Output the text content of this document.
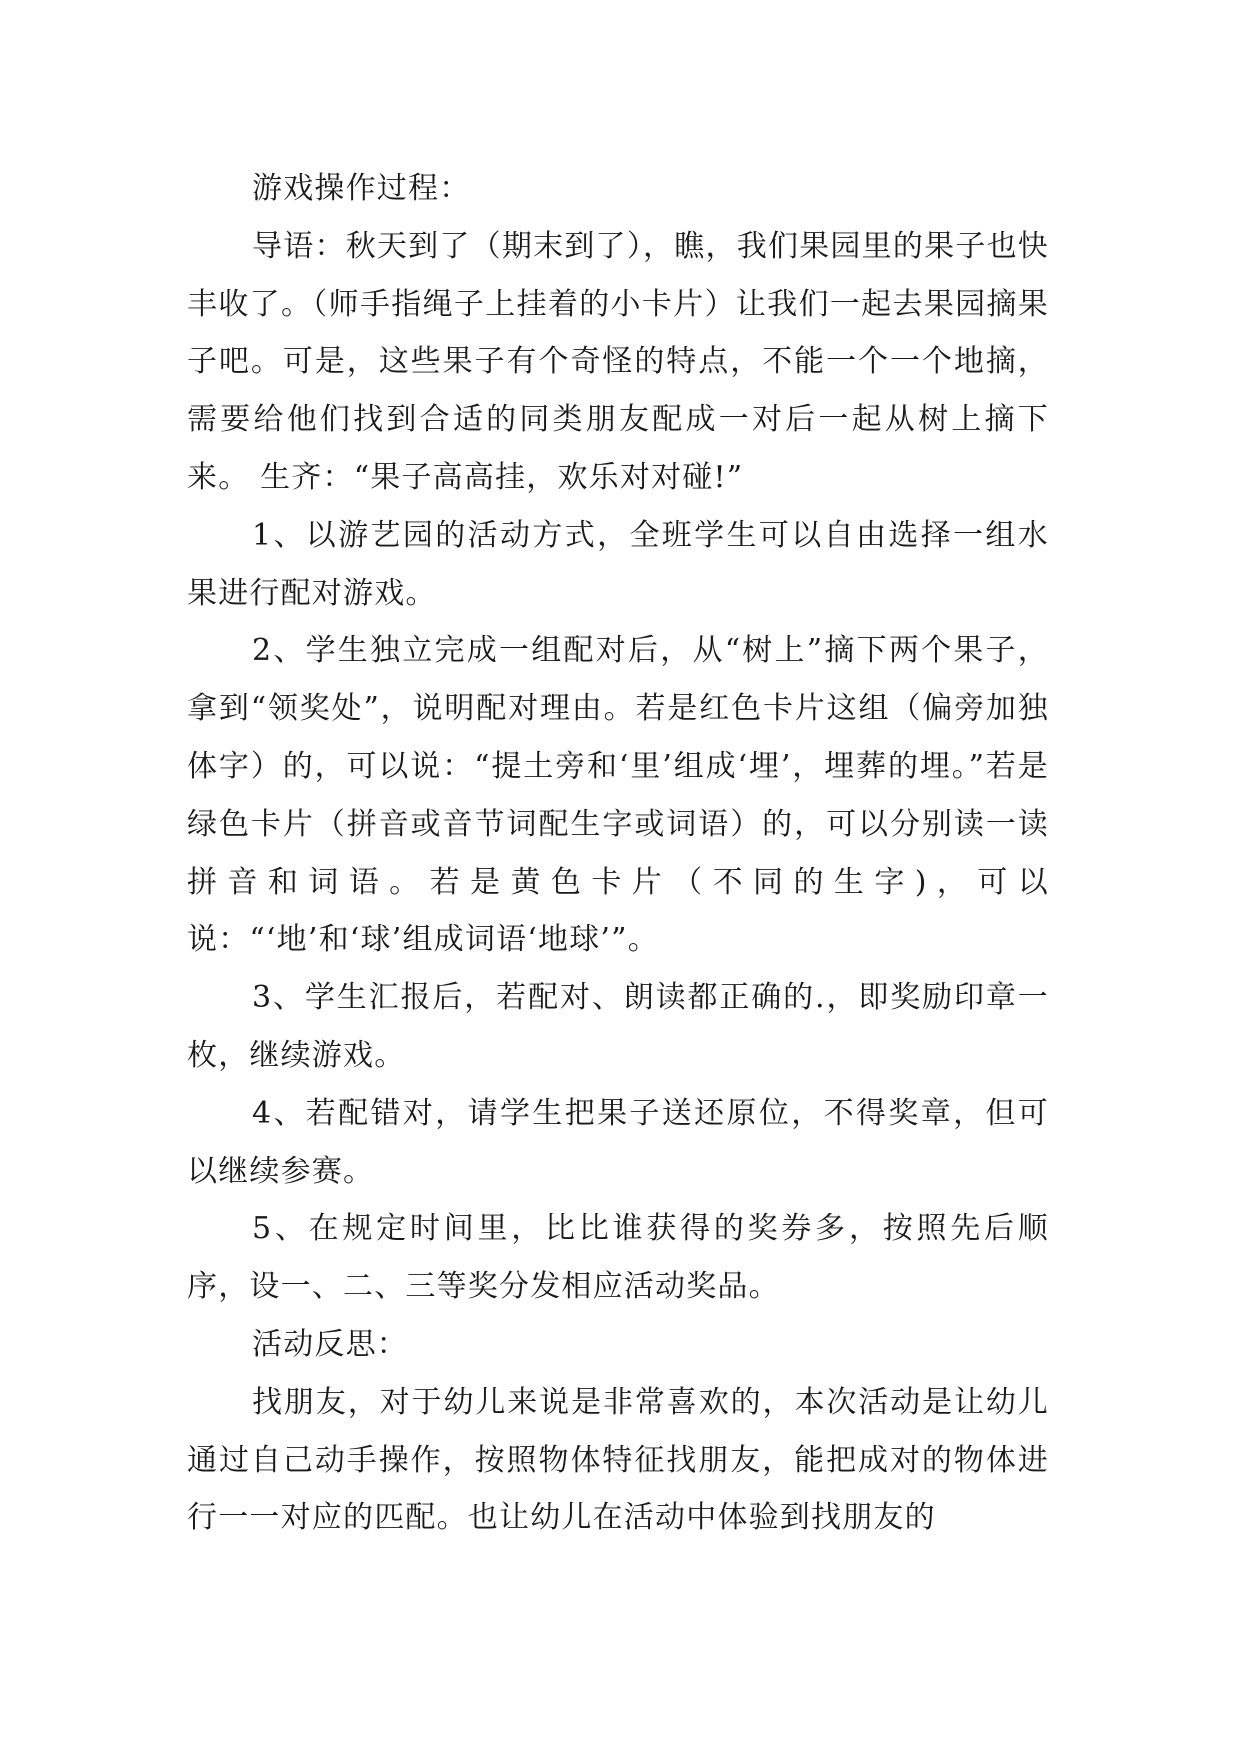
游戏操作过程：

导语：秋天到了（期末到了），瞧，我们果园里的果子也快丰收了。（师手指绳子上挂着的小卡片）让我们一起去果园摘果子吧。可是，这些果子有个奇怪的特点，不能一个一个地摘，需要给他们找到合适的同类朋友配成一对后一起从树上摘下来。 生齐：“果子高高挂，欢乐对对碰!”

1、以游艺园的活动方式，全班学生可以自由选择一组水果进行配对游戏。

2、学生独立完成一组配对后，从“树上”摘下两个果子，拿到“领奖处”，说明配对理由。若是红色卡片这组（偏旁加独体字）的，可以说：“提土旁和‘里’组成‘埋’，埋葬的埋。”若是绿色卡片（拼音或音节词配生字或词语）的，可以分别读一读拼音和词语。若是黄色卡片（不同的生字)，可以说：“‘地’和‘球’组成词语‘地球’”。

3、学生汇报后，若配对、朗读都正确的.，即奖励印章一枚，继续游戏。

4、若配错对，请学生把果子送还原位，不得奖章，但可以继续参赛。

5、在规定时间里，比比谁获得的奖券多，按照先后顺序，设一、二、三等奖分发相应活动奖品。

活动反思：

找朋友，对于幼儿来说是非常喜欢的，本次活动是让幼儿通过自己动手操作，按照物体特征找朋友，能把成对的物体进行一一对应的匹配。也让幼儿在活动中体验到找朋友的
